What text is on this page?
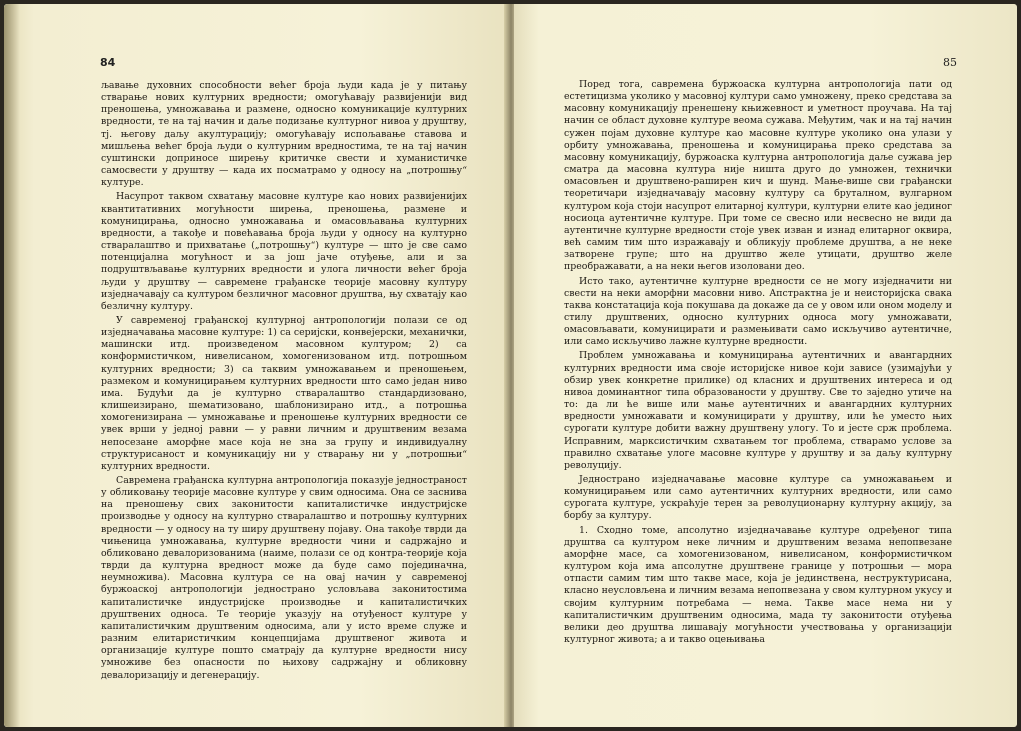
84

љавање духовних способности већег броја људи када је у питању стварање нових културних вредности; омогућавају развијенији вид преношења, умножавања и размене, односно комуникације културних вредности, те на тај начин и даље подизање културног нивоа у друштву, тј. његову даљу акултурацију; омогућавају испољавање ставова и мишљења већег броја људи о културним вредностима, те на тај начин суштински доприносе ширењу критичке свести и хуманистичке самосвести у друштву — када их посматрамо у односу на „потрошњу“ културе.

Насупрот таквом схватању масовне културе као нових развијенијих квантитативних могућности ширења, преношења, размене и комуницирања, односно умножавања и омасовљавања културних вредности, а такође и повећавања броја људи у односу на културно стваралаштво и прихватање („потрошњу“) културе — што је све само потенцијална могућност и за још јаче отуђење, али и за подруштвљавање културних вредности и улога личности већег броја људи у друштву — савремене грађанске теорије масовну културу изједначавају са културом безличног масовног друштва, њу схватају као безличну културу.

У савременој грађанској културној антропологији полази се од изједначавања масовне културе: 1) са серијски, конвејерски, механички, машински итд. произведеном масовном културом; 2) са конформистичком, нивелисаном, хомогенизованом итд. потрошњом културних вредности; 3) са таквим умножавањем и преношењем, размеком и комуницирањем културних вредности што само један ниво има. Будући да је културно стваралаштво стандардизовано, клишеизирано, шематизовано, шаблонизирано итд., а потрошња хомогенизирана — умножавање и преношење културних вредности се увек врши у једној равни — у равни личним и друштвеним везама непосезане аморфне масе која не зна за групу и индивидуалну структурисаност и комуникацију ни у стварању ни у „потрошњи“ културних вредности.

Савремена грађанска културна антропологија показује једностраност у обликовању теорије масовне културе у свим односима. Она се заснива на преношењу свих законитости капиталистичке индустријске производње у односу на културно стваралаштво и потрошњу културних вредности — у односу на ту ширу друштвену појаву. Она такође тврди да чињеница умножавања, културне вредности чини и садржајно и обликовано девалоризованима (наиме, полази се од контра-теорије која тврди да културна вредност може да буде само појединачна, неумножива). Масовна култура се на овај начин у савременој буржоаској антропологији једнострано условљава законитостима капиталистичке индустријске производње и капиталистичких друштвених односа. Те теорије указују на отуђеност културе у капиталистичким друштвеним односима, али у исто време служе и разним елитаристичким концепцијама друштвеног живота и организације културе пошто сматрају да културне вредности нису умноживе без опасности по њихову садржајну и обликовну девалоризацију и дегенерацију.

85

Поред тога, савремена буржоаска културна антропологија пати од естетицизма уколико у масовној култури само умножену, преко средстава за масовну комуникацију пренешену књижевност и уметност проучава. На тај начин се област духовне културе веома сужава. Међутим, чак и на тај начин сужен појам духовне културе као масовне културе уколико она улази у орбиту умножавања, преношења и комуницирања преко средстава за масовну комуникацију, буржоаска културна антропологија даље сужава јер сматра да масовна култура ниje ништа друго до умножен, технички омасовљен и друштвено-раширен кич и шунд. Мање-више сви грађански теоретичари изједначавају масовну културу са бруталном, вулгарном културом која стоји насупрот елитарној култури, културни елите као јединог носиоца аутентичне културе. При томе се свесно или несвесно не види да аутентичне културне вредности стоје увек изван и изнад елитарног оквира, већ самим тим што изражавају и обликују проблеме друштва, а не неке затворене групе; што на друштво желе утицати, друштво желе преображавати, а на неки његов изоловани део.

Исто тако, аутентичне културне вредности се не могу изједначити ни свести на неки аморфни масовни ниво. Апстрактна је и неисторијска свака таква констатација која покушава да докаже да се у овом или оном моделу и стилу друштвених, односно културних односа могу умножавати, омасовљавати, комуницирати и размењивати само искључиво аутентичне, или само искључиво лажне културне вредности.

Проблем умножавања и комуницирања аутентичних и авангардних културних вредности има своје историјске нивое који зависе (узимајући у обзир увек конкретне прилике) од класних и друштвених интереса и од нивоа доминантног типа образованости у друштву. Све то заједно утиче на то: да ли ће више или мање аутентичних и авангардних културних вредности умножавати и комуницирати у друштву, или ће уместо њих сурогати културе добити важну друштвену улогу. То и јесте срж проблема. Исправним, марксистичким схватањем тог проблема, стварамо услове за правилно схватање улоге масовне културе у друштву и за даљу културну револуцију.

Једнострано изједначавање масовне културе са умножавањем и комуницирањем или само аутентичних културних вредности, или само сурогата културе, ускраћује терен за револуционарну културну акцију, за борбу за културу.

1. Сходно томе, апсолутно изједначавање културе одређеног типа друштва са културом неке личним и друштвеним везама непопвезане аморфне масе, са хомогенизованом, нивелисаном, конформистичком културом која има апсолутне друштвене границе у потрошњи — мора отпасти самим тим што такве масе, која је јединствена, неструктурисана, класно неусловљена и личним везама непопвезана у свом културном укусу и својим културним потребама — нема. Такве масе нема ни у капиталистичким друштвеним односима, мада ту законитости отуђења велики део друштва лишавају могућности учествовања у организацији културног живота; а и такво оцењивања
